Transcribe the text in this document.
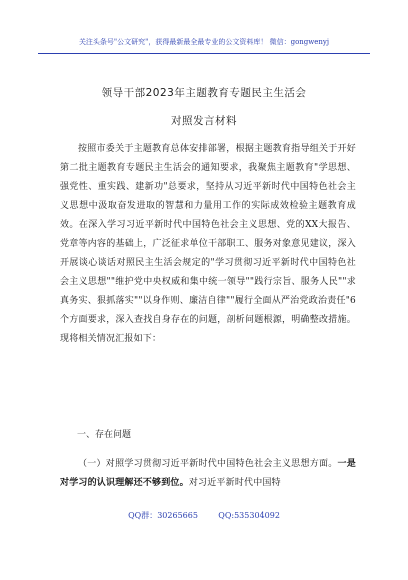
关注头条号"公文研究"，获得最新最全最专业的公文资料库！ 微信：gongwenyj
领导干部2023年主题教育专题民主生活会
对照发言材料

按照市委关于主题教育总体安排部署，根据主题教育指导组关于开好第二批主题教育专题民主生活会的通知要求，我聚焦主题教育"学思想、强党性、重实践、建新功"总要求，坚持从习近平新时代中国特色社会主义思想中汲取奋发进取的智慧和力量用工作的实际成效检验主题教育成效。在深入学习习近平新时代中国特色社会主义思想、党的XX大报告、党章等内容的基础上，广泛征求单位干部职工、服务对象意见建议，深入开展谈心谈话对照民主生活会规定的"学习贯彻习近平新时代中国特色社会主义思想""维护党中央权威和集中统一领导""践行宗旨、服务人民""求真务实、狠抓落实""以身作则、廉洁自律""履行全面从严治党政治责任"6个方面要求，深入查找自身存在的问题，剖析问题根源，明确整改措施。现将相关情况汇报如下：

一、存在问题

（一）对照学习贯彻习近平新时代中国特色社会主义思想方面。一是对学习的认识理解还不够到位。对习近平新时代中国特

QQ群：30265665	QQ:535304092
